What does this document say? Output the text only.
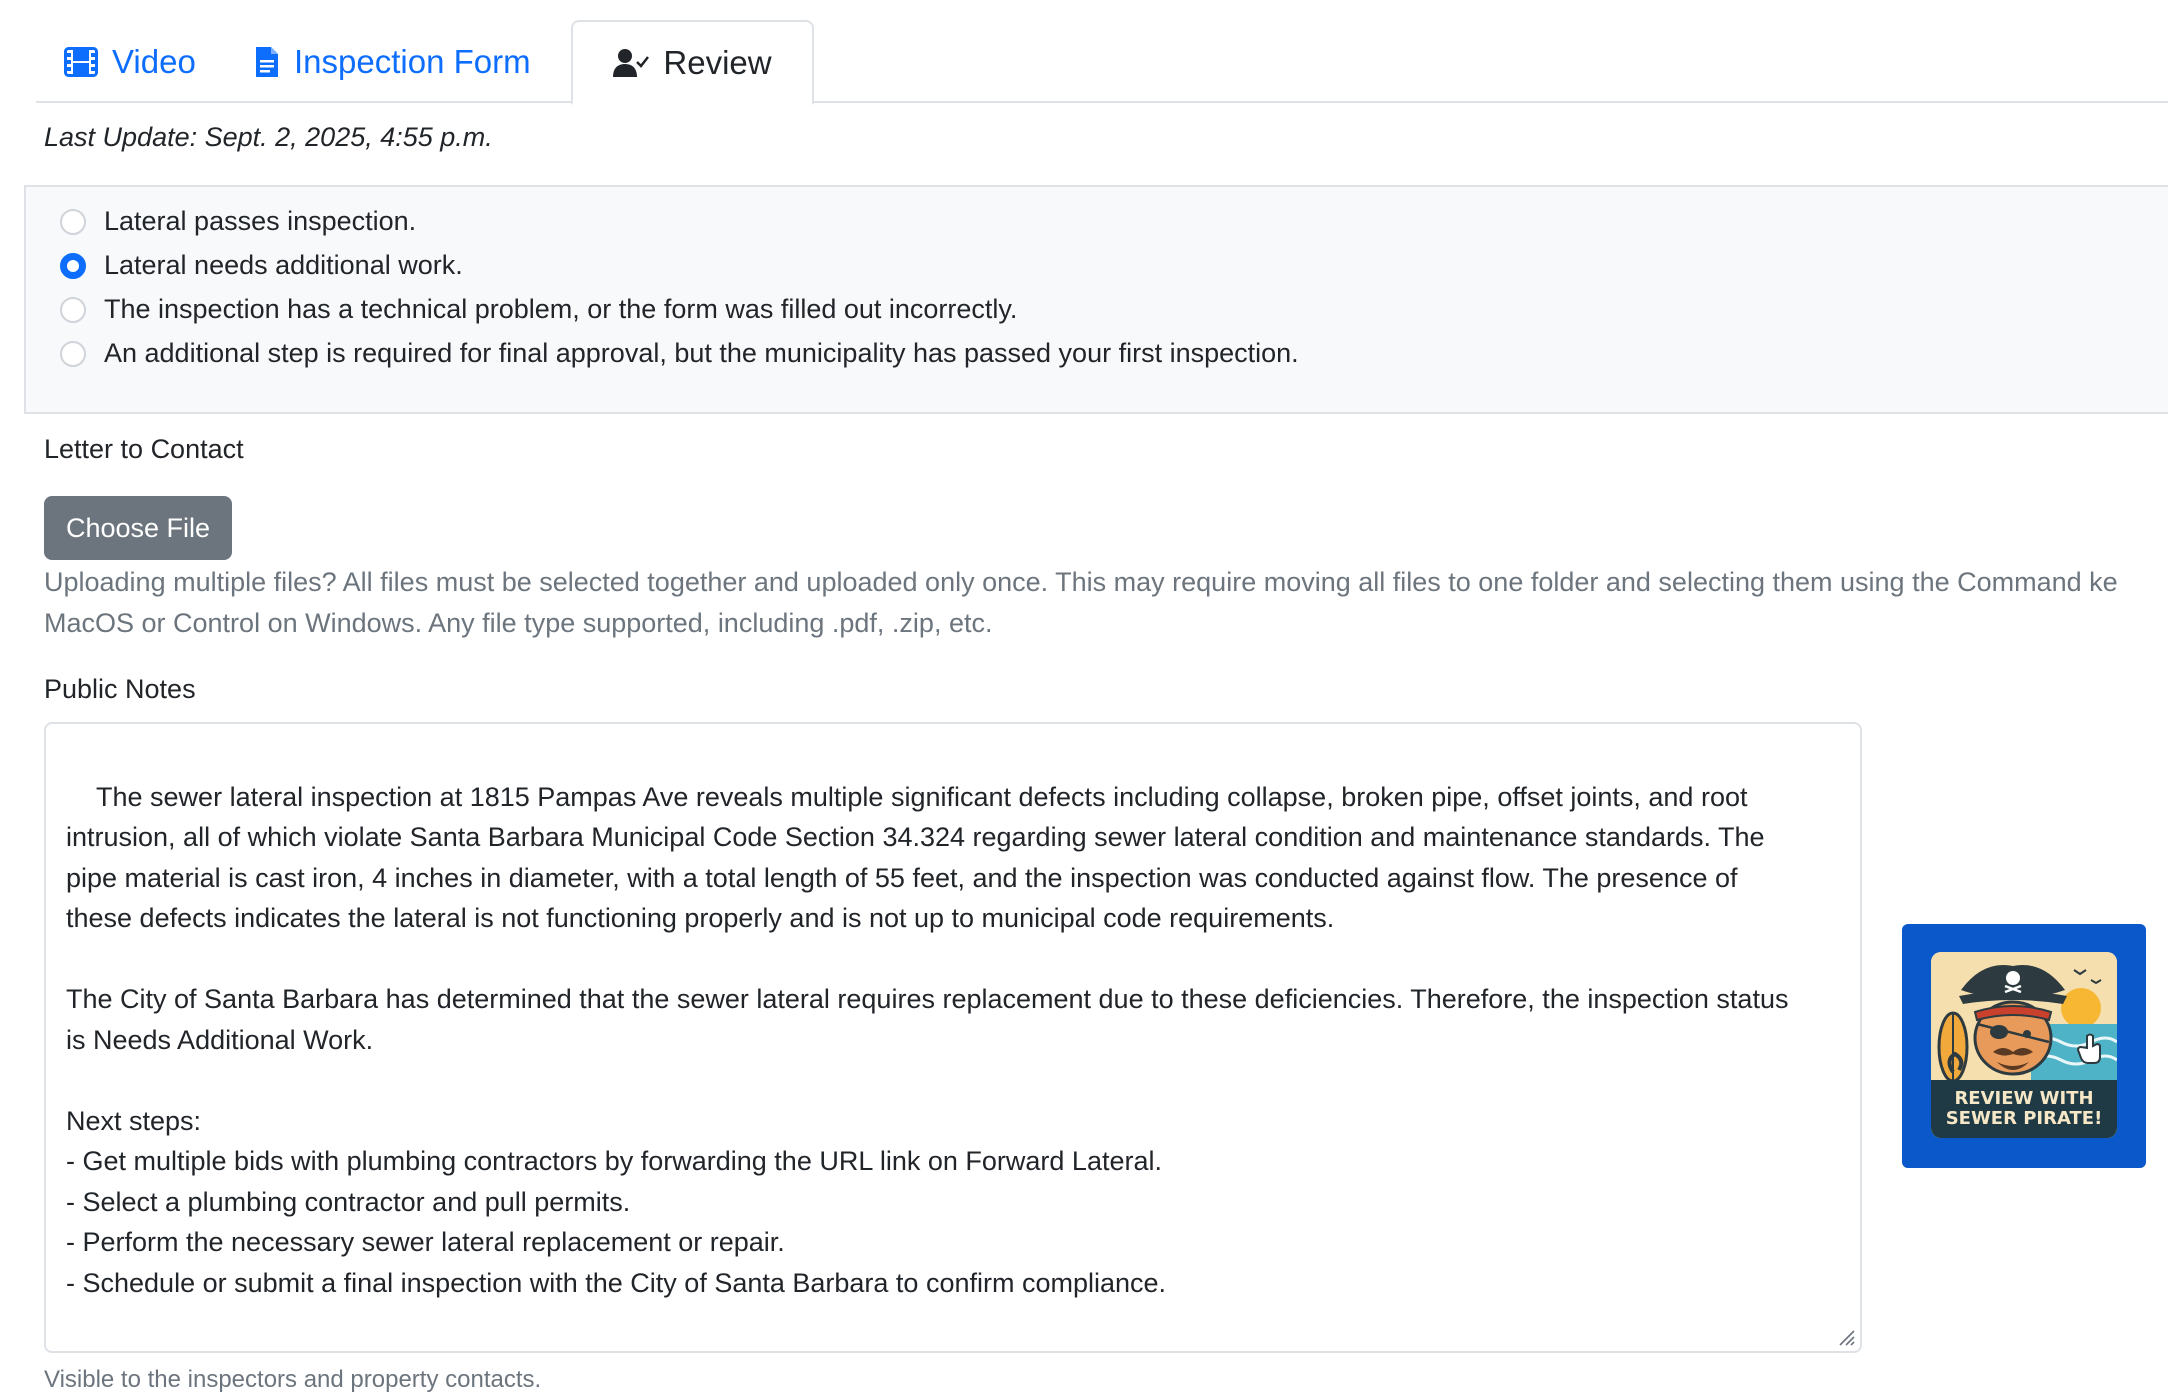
Video	Inspection Form	Review
Last Update: Sept. 2, 2025, 4:55 p.m.
Lateral passes inspection.
Lateral needs additional work.
The inspection has a technical problem, or the form was filled out incorrectly.
An additional step is required for final approval, but the municipality has passed your first inspection.
Letter to Contact
Choose File
Uploading multiple files? All files must be selected together and uploaded only once. This may require moving all files to one folder and selecting them using the Command ke
MacOS or Control on Windows. Any file type supported, including .pdf, .zip, etc.
Public Notes

The sewer lateral inspection at 1815 Pampas Ave reveals multiple significant defects including collapse, broken pipe, offset joints, and root
intrusion, all of which violate Santa Barbara Municipal Code Section 34.324 regarding sewer lateral condition and maintenance standards. The
pipe material is cast iron, 4 inches in diameter, with a total length of 55 feet, and the inspection was conducted against flow. The presence of
these defects indicates the lateral is not functioning properly and is not up to municipal code requirements.

The City of Santa Barbara has determined that the sewer lateral requires replacement due to these deficiencies. Therefore, the inspection status
is Needs Additional Work.

Next steps:
- Get multiple bids with plumbing contractors by forwarding the URL link on Forward Lateral.
- Select a plumbing contractor and pull permits.
- Perform the necessary sewer lateral replacement or repair.
- Schedule or submit a final inspection with the City of Santa Barbara to confirm compliance.

Visible to the inspectors and property contacts.
REVIEW WITH
SEWER PIRATE!
